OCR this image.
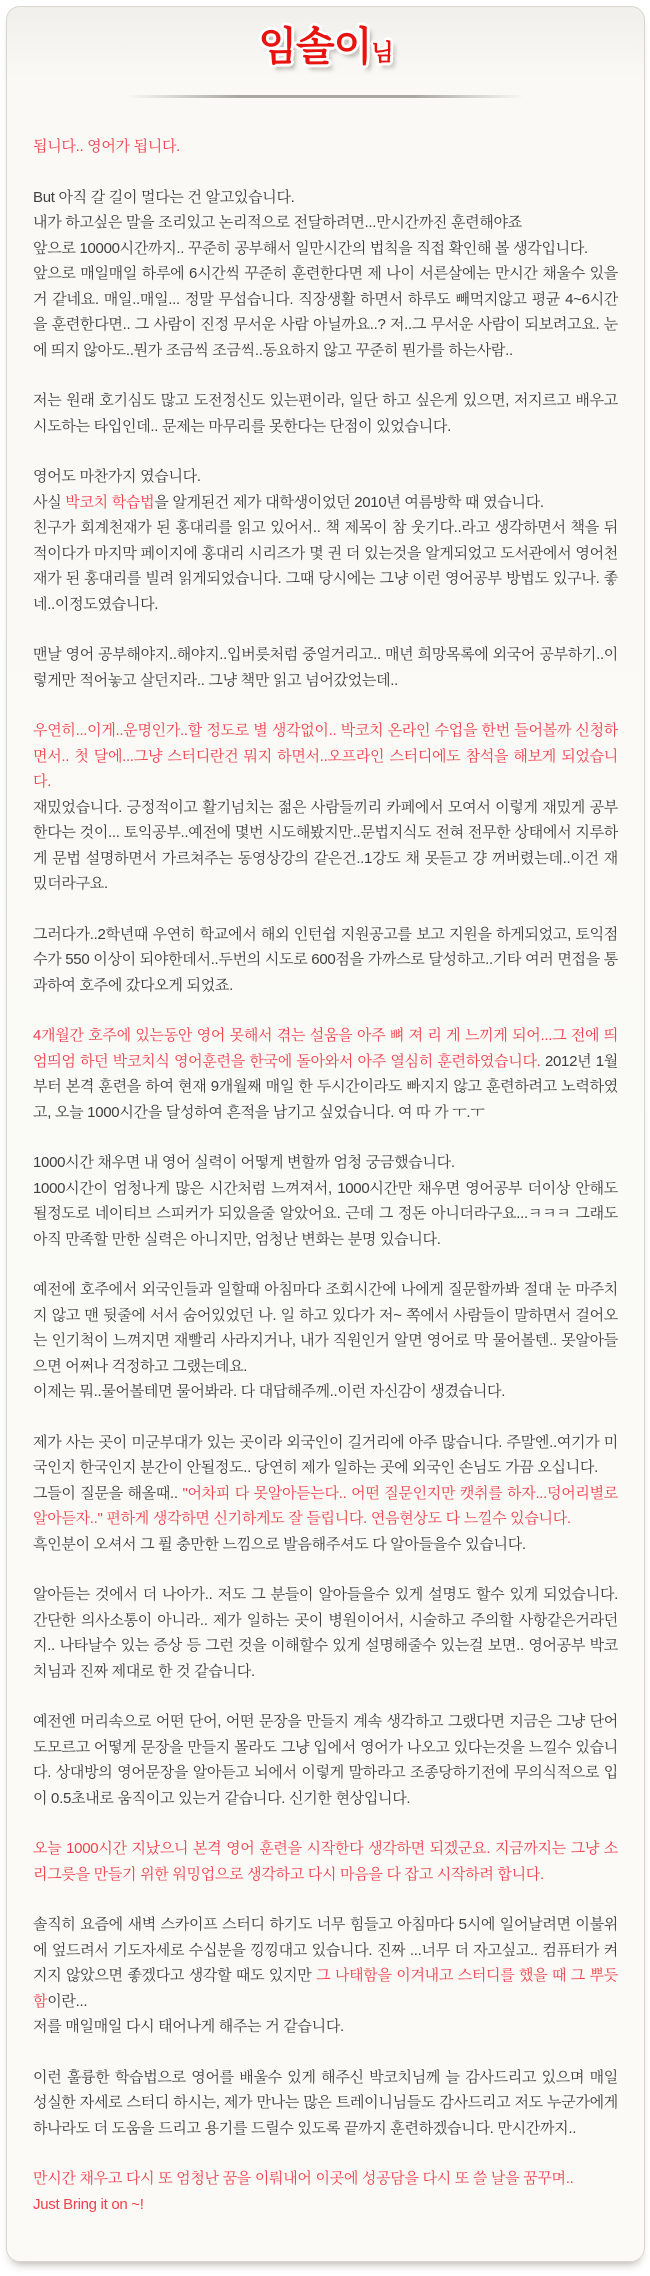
임솔이님

됩니다.. 영어가 됩니다.

But 아직 갈 길이 멀다는 건 알고있습니다.
내가 하고싶은 말을 조리있고 논리적으로 전달하려면...만시간까진 훈련해야죠
앞으로 10000시간까지.. 꾸준히 공부해서 일만시간의 법칙을 직접 확인해 볼 생각입니다.
앞으로 매일매일 하루에 6시간씩 꾸준히 훈련한다면 제 나이 서른살에는 만시간 채울수 있을거 같네요. 매일..매일... 정말 무섭습니다. 직장생활 하면서 하루도 빼먹지않고 평균 4~6시간을 훈련한다면.. 그 사람이 진정 무서운 사람 아닐까요..? 저..그 무서운 사람이 되보려고요. 눈에 띄지 않아도..뭔가 조금씩 조금씩..동요하지 않고 꾸준히 뭔가를 하는사람..

저는 원래 호기심도 많고 도전정신도 있는편이라, 일단 하고 싶은게 있으면, 저지르고 배우고 시도하는 타입인데.. 문제는 마무리를 못한다는 단점이 있었습니다.

영어도 마찬가지 였습니다.
사실 박코치 학습법을 알게된건 제가 대학생이었던 2010년 여름방학 때 였습니다.
친구가 회계천재가 된 홍대리를 읽고 있어서.. 책 제목이 참 웃기다..라고 생각하면서 책을 뒤적이다가 마지막 페이지에 홍대리 시리즈가 몇 권 더 있는것을 알게되었고 도서관에서 영어천재가 된 홍대리를 빌려 읽게되었습니다. 그때 당시에는 그냥 이런 영어공부 방법도 있구나. 좋네..이정도였습니다.

맨날 영어 공부해야지..해야지..입버릇처럼 중얼거리고.. 매년 희망목록에 외국어 공부하기..이렇게만 적어놓고 살던지라.. 그냥 책만 읽고 넘어갔었는데..

우연히...이게..운명인가..할 정도로 별 생각없이.. 박코치 온라인 수업을 한번 들어볼까 신청하면서.. 첫 달에...그냥 스터디란건 뭐지 하면서..오프라인 스터디에도 참석을 해보게 되었습니다.
재밌었습니다. 긍정적이고 활기넘치는 젊은 사람들끼리 카페에서 모여서 이렇게 재밌게 공부한다는 것이... 토익공부..예전에 몇번 시도해봤지만..문법지식도 전혀 전무한 상태에서 지루하게 문법 설명하면서 가르쳐주는 동영상강의 같은건..1강도 채 못듣고 걍 꺼버렸는데..이건 재밌더라구요.

그러다가..2학년때 우연히 학교에서 해외 인턴쉽 지원공고를 보고 지원을 하게되었고, 토익점수가 550 이상이 되야한데서..두번의 시도로 600점을 가까스로 달성하고..기타 여러 면접을 통과하여 호주에 갔다오게 되었죠.

4개월간 호주에 있는동안 영어 못해서 겪는 설움을 아주 뼈 져 리 게 느끼게 되어...그 전에 띄엄띄엄 하던 박코치식 영어훈련을 한국에 돌아와서 아주 열심히 훈련하였습니다. 2012년 1월부터 본격 훈련을 하여 현재 9개월째 매일 한 두시간이라도 빠지지 않고 훈련하려고 노력하였고, 오늘 1000시간을 달성하여 흔적을 남기고 싶었습니다. 여 따 가 ㅜ.ㅜ

1000시간 채우면 내 영어 실력이 어떻게 변할까 엄청 궁금했습니다.
1000시간이 엄청나게 많은 시간처럼 느껴져서, 1000시간만 채우면 영어공부 더이상 안해도 될정도로 네이티브 스피커가 되있을줄 알았어요. 근데 그 정돈 아니더라구요...ㅋㅋㅋ 그래도 아직 만족할 만한 실력은 아니지만, 엄청난 변화는 분명 있습니다.

예전에 호주에서 외국인들과 일할때 아침마다 조회시간에 나에게 질문할까봐 절대 눈 마주치지 않고 맨 뒷줄에 서서 숨어있었던 나. 일 하고 있다가 저~ 쪽에서 사람들이 말하면서 걸어오는 인기척이 느껴지면 재빨리 사라지거나, 내가 직원인거 알면 영어로 막 물어볼텐.. 못알아들으면 어쩌나 걱정하고 그랬는데요.
이제는 뭐..물어볼테면 물어봐라. 다 대답해주께..이런 자신감이 생겼습니다.

제가 사는 곳이 미군부대가 있는 곳이라 외국인이 길거리에 아주 많습니다. 주말엔..여기가 미국인지 한국인지 분간이 안될정도.. 당연히 제가 일하는 곳에 외국인 손님도 가끔 오십니다.
그들이 질문을 해올때.. "어차피 다 못알아듣는다.. 어떤 질문인지만 캣취를 하자...덩어리별로 알아듣자.." 편하게 생각하면 신기하게도 잘 들립니다. 연음현상도 다 느낄수 있습니다.
흑인분이 오셔서 그 퓔 충만한 느낌으로 발음해주셔도 다 알아들을수 있습니다.

알아듣는 것에서 더 나아가.. 저도 그 분들이 알아들을수 있게 설명도 할수 있게 되었습니다. 간단한 의사소통이 아니라.. 제가 일하는 곳이 병원이어서, 시술하고 주의할 사항같은거라던지.. 나타날수 있는 증상 등 그런 것을 이해할수 있게 설명해줄수 있는걸 보면.. 영어공부 박코치님과 진짜 제대로 한 것 같습니다.

예전엔 머리속으로 어떤 단어, 어떤 문장을 만들지 계속 생각하고 그랬다면 지금은 그냥 단어도모르고 어떻게 문장을 만들지 몰라도 그냥 입에서 영어가 나오고 있다는것을 느낄수 있습니다. 상대방의 영어문장을 알아듣고 뇌에서 이렇게 말하라고 조종당하기전에 무의식적으로 입이 0.5초내로 움직이고 있는거 같습니다. 신기한 현상입니다.

오늘 1000시간 지났으니 본격 영어 훈련을 시작한다 생각하면 되겠군요. 지금까지는 그냥 소리그릇을 만들기 위한 워밍업으로 생각하고 다시 마음을 다 잡고 시작하려 합니다.

솔직히 요즘에 새벽 스카이프 스터디 하기도 너무 힘들고 아침마다 5시에 일어날려면 이불위에 엎드려서 기도자세로 수십분을 낑낑대고 있습니다. 진짜 ...너무 더 자고싶고.. 컴퓨터가 켜지지 않았으면 좋겠다고 생각할 때도 있지만 그 나태함을 이겨내고 스터디를 했을 때 그 뿌듯함이란...
저를 매일매일 다시 태어나게 해주는 거 같습니다.

이런 훌륭한 학습법으로 영어를 배울수 있게 해주신 박코치님께 늘 감사드리고 있으며 매일 성실한 자세로 스터디 하시는, 제가 만나는 많은 트레이니님들도 감사드리고 저도 누군가에게 하나라도 더 도움을 드리고 용기를 드릴수 있도록 끝까지 훈련하겠습니다. 만시간까지..

만시간 채우고 다시 또 엄청난 꿈을 이뤄내어 이곳에 성공담을 다시 또 쓸 날을 꿈꾸며..
Just Bring it on ~!
